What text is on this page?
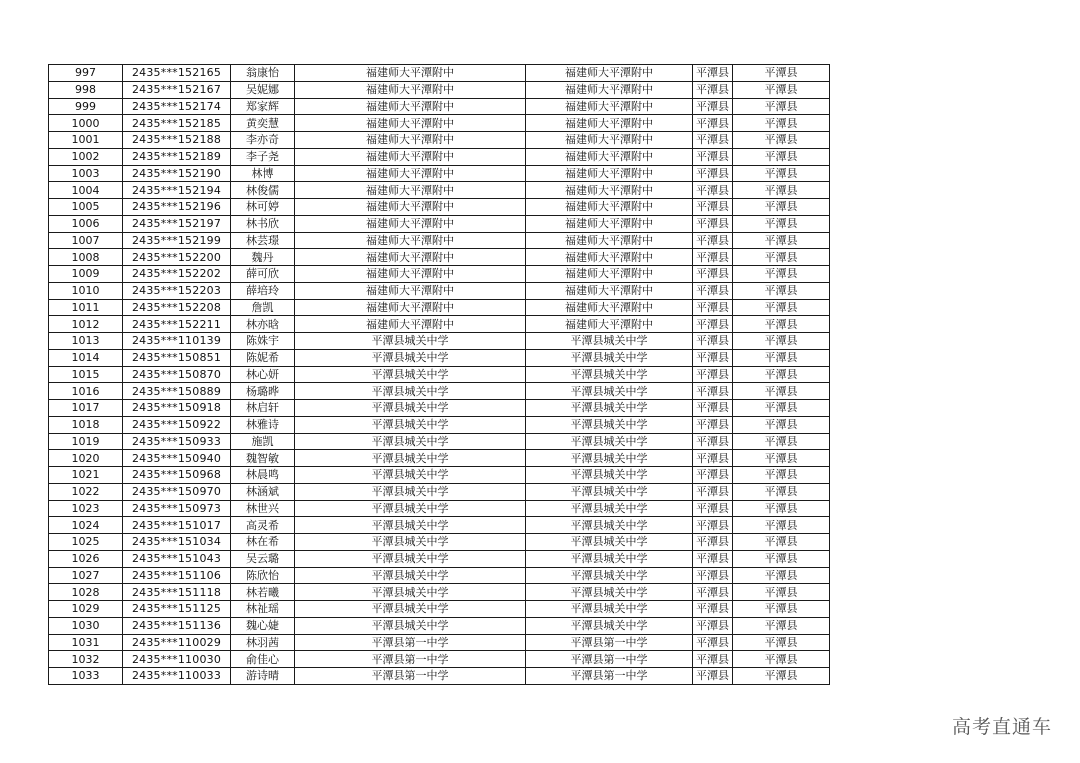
997	2435***152165	翁康怡	福建师大平潭附中	福建师大平潭附中	平潭县	平潭县
998	2435***152167	吴妮娜	福建师大平潭附中	福建师大平潭附中	平潭县	平潭县
999	2435***152174	郑家辉	福建师大平潭附中	福建师大平潭附中	平潭县	平潭县
1000	2435***152185	黄奕慧	福建师大平潭附中	福建师大平潭附中	平潭县	平潭县
1001	2435***152188	李亦奇	福建师大平潭附中	福建师大平潭附中	平潭县	平潭县
1002	2435***152189	李子尧	福建师大平潭附中	福建师大平潭附中	平潭县	平潭县
1003	2435***152190	林博	福建师大平潭附中	福建师大平潭附中	平潭县	平潭县
1004	2435***152194	林俊儒	福建师大平潭附中	福建师大平潭附中	平潭县	平潭县
1005	2435***152196	林可婷	福建师大平潭附中	福建师大平潭附中	平潭县	平潭县
1006	2435***152197	林书欣	福建师大平潭附中	福建师大平潭附中	平潭县	平潭县
1007	2435***152199	林芸璟	福建师大平潭附中	福建师大平潭附中	平潭县	平潭县
1008	2435***152200	魏丹	福建师大平潭附中	福建师大平潭附中	平潭县	平潭县
1009	2435***152202	薛可欣	福建师大平潭附中	福建师大平潭附中	平潭县	平潭县
1010	2435***152203	薛培玲	福建师大平潭附中	福建师大平潭附中	平潭县	平潭县
1011	2435***152208	詹凯	福建师大平潭附中	福建师大平潭附中	平潭县	平潭县
1012	2435***152211	林亦晗	福建师大平潭附中	福建师大平潭附中	平潭县	平潭县
1013	2435***110139	陈姝宇	平潭县城关中学	平潭县城关中学	平潭县	平潭县
1014	2435***150851	陈妮希	平潭县城关中学	平潭县城关中学	平潭县	平潭县
1015	2435***150870	林心妍	平潭县城关中学	平潭县城关中学	平潭县	平潭县
1016	2435***150889	杨璐晔	平潭县城关中学	平潭县城关中学	平潭县	平潭县
1017	2435***150918	林启轩	平潭县城关中学	平潭县城关中学	平潭县	平潭县
1018	2435***150922	林雅诗	平潭县城关中学	平潭县城关中学	平潭县	平潭县
1019	2435***150933	施凯	平潭县城关中学	平潭县城关中学	平潭县	平潭县
1020	2435***150940	魏智敏	平潭县城关中学	平潭县城关中学	平潭县	平潭县
1021	2435***150968	林晨鸣	平潭县城关中学	平潭县城关中学	平潭县	平潭县
1022	2435***150970	林涵斌	平潭县城关中学	平潭县城关中学	平潭县	平潭县
1023	2435***150973	林世兴	平潭县城关中学	平潭县城关中学	平潭县	平潭县
1024	2435***151017	高灵希	平潭县城关中学	平潭县城关中学	平潭县	平潭县
1025	2435***151034	林在希	平潭县城关中学	平潭县城关中学	平潭县	平潭县
1026	2435***151043	吴云璐	平潭县城关中学	平潭县城关中学	平潭县	平潭县
1027	2435***151106	陈欣怡	平潭县城关中学	平潭县城关中学	平潭县	平潭县
1028	2435***151118	林若曦	平潭县城关中学	平潭县城关中学	平潭县	平潭县
1029	2435***151125	林祉瑶	平潭县城关中学	平潭县城关中学	平潭县	平潭县
1030	2435***151136	魏心婕	平潭县城关中学	平潭县城关中学	平潭县	平潭县
1031	2435***110029	林羽茜	平潭县第一中学	平潭县第一中学	平潭县	平潭县
1032	2435***110030	俞佳心	平潭县第一中学	平潭县第一中学	平潭县	平潭县
1033	2435***110033	游诗晴	平潭县第一中学	平潭县第一中学	平潭县	平潭县
高考直通车
